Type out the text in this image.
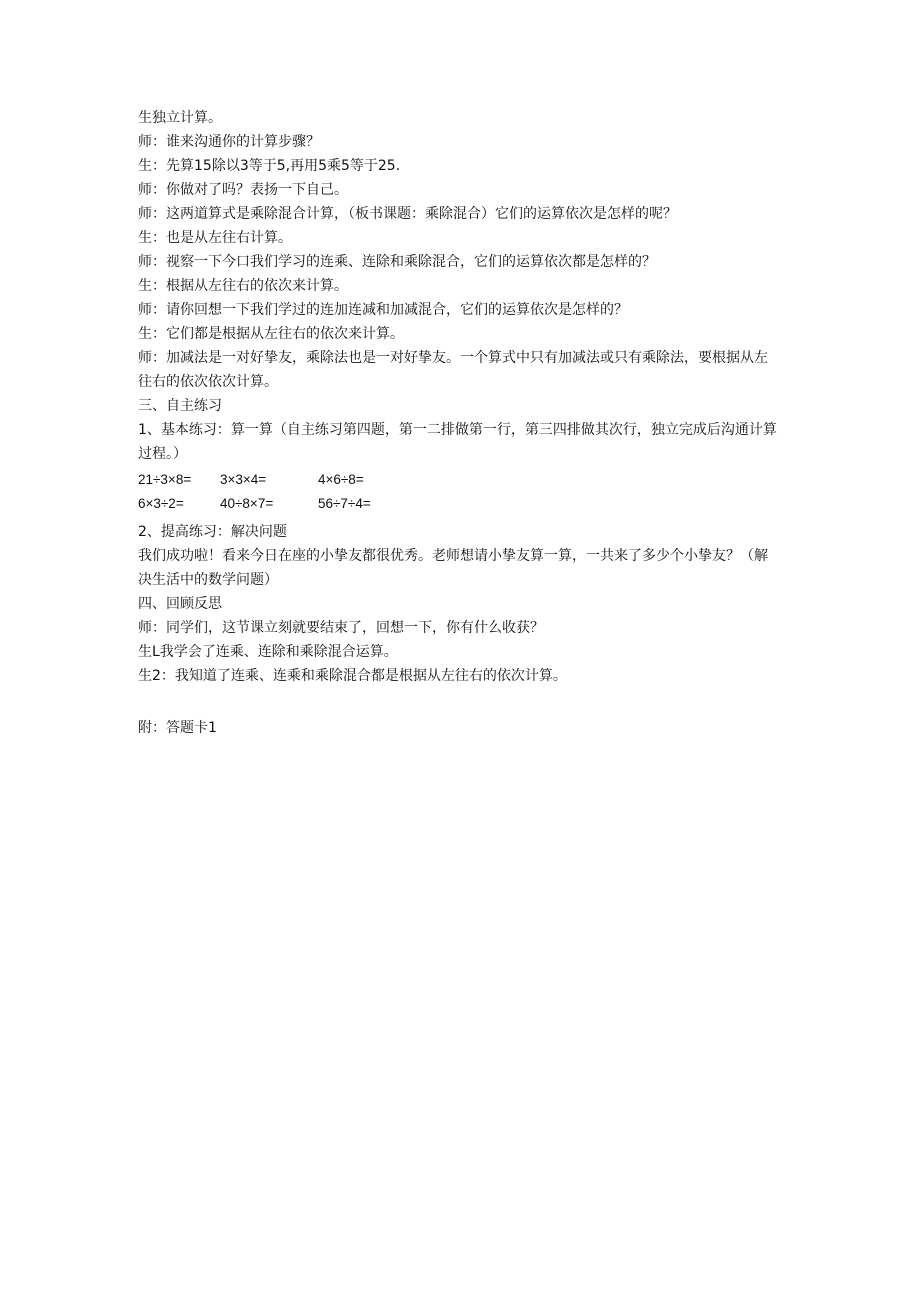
生独立计算。
师：谁来沟通你的计算步骤？
生：先算15除以3等于5,再用5乘5等于25.
师：你做对了吗？表扬一下自己。
师：这两道算式是乘除混合计算，（板书课题：乘除混合）它们的运算依次是怎样的呢？
生：也是从左往右计算。
师：视察一下今口我们学习的连乘、连除和乘除混合，它们的运算依次都是怎样的？
生：根据从左往右的依次来计算。
师：请你回想一下我们学过的连加连减和加减混合，它们的运算依次是怎样的？
生：它们都是根据从左往右的依次来计算。
师：加减法是一对好挚友，乘除法也是一对好挚友。一个算式中只有加减法或只有乘除法，要根据从左往右的依次依次计算。
三、自主练习
1、基本练习：算一算（自主练习第四题，第一二排做第一行，第三四排做其次行，独立完成后沟通计算过程。）
21÷3×8=	3×3×4=	4×6÷8=
6×3÷2=	40÷8×7=	56÷7÷4=
2、提高练习：解决问题
我们成功啦！看来今日在座的小挚友都很优秀。老师想请小挚友算一算，一共来了多少个小挚友？（解决生活中的数学问题）
四、回顾反思
师：同学们，这节课立刻就要结束了，回想一下，你有什么收获？
生L我学会了连乘、连除和乘除混合运算。
生2：我知道了连乘、连乘和乘除混合都是根据从左往右的依次计算。
附：答题卡1
